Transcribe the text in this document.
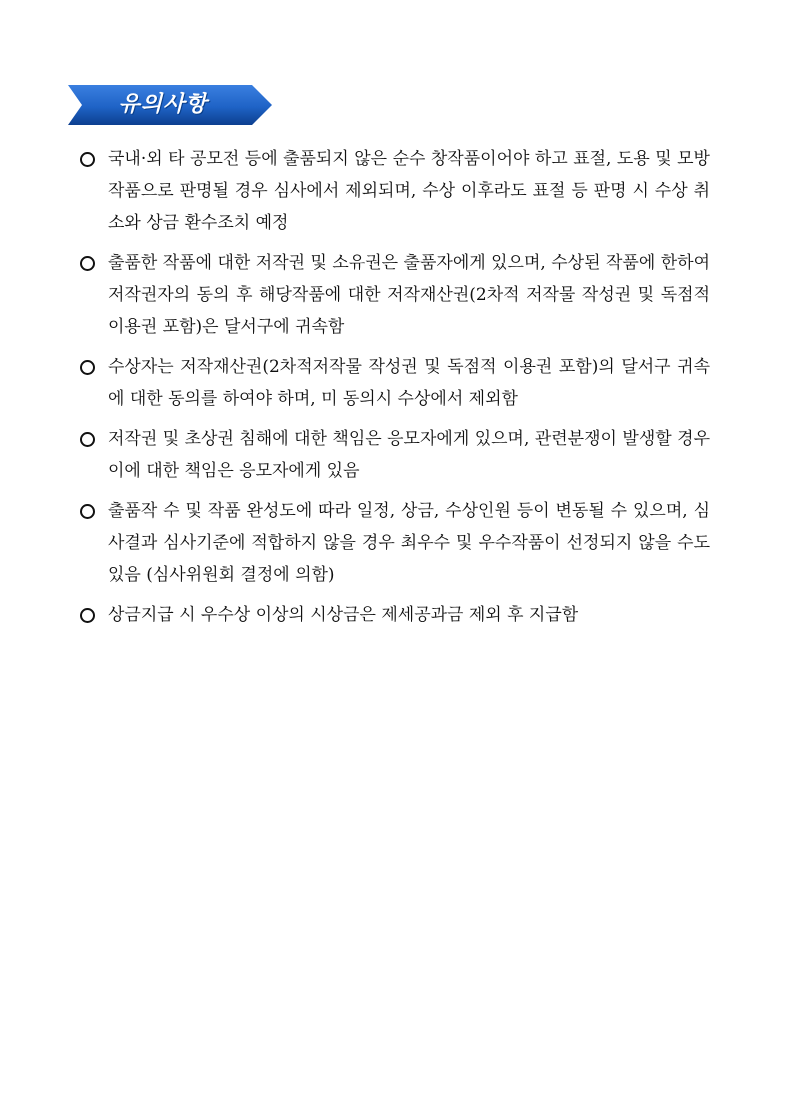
유의사항
국내·외 타 공모전 등에 출품되지 않은 순수 창작품이어야 하고 표절, 도용 및 모방작품으로 판명될 경우 심사에서 제외되며, 수상 이후라도 표절 등 판명 시 수상 취소와 상금 환수조치 예정
출품한 작품에 대한 저작권 및 소유권은 출품자에게 있으며, 수상된 작품에 한하여 저작권자의 동의 후 해당작품에 대한 저작재산권(2차적 저작물 작성권 및 독점적 이용권 포함)은 달서구에 귀속함
수상자는 저작재산권(2차적저작물 작성권 및 독점적 이용권 포함)의 달서구 귀속에 대한 동의를 하여야 하며, 미 동의시 수상에서 제외함
저작권 및 초상권 침해에 대한 책임은 응모자에게 있으며, 관련분쟁이 발생할 경우 이에 대한 책임은 응모자에게 있음
출품작 수 및 작품 완성도에 따라 일정, 상금, 수상인원 등이 변동될 수 있으며, 심사결과 심사기준에 적합하지 않을 경우 최우수 및 우수작품이 선정되지 않을 수도 있음 (심사위원회 결정에 의함)
상금지급 시 우수상 이상의 시상금은 제세공과금 제외 후 지급함
